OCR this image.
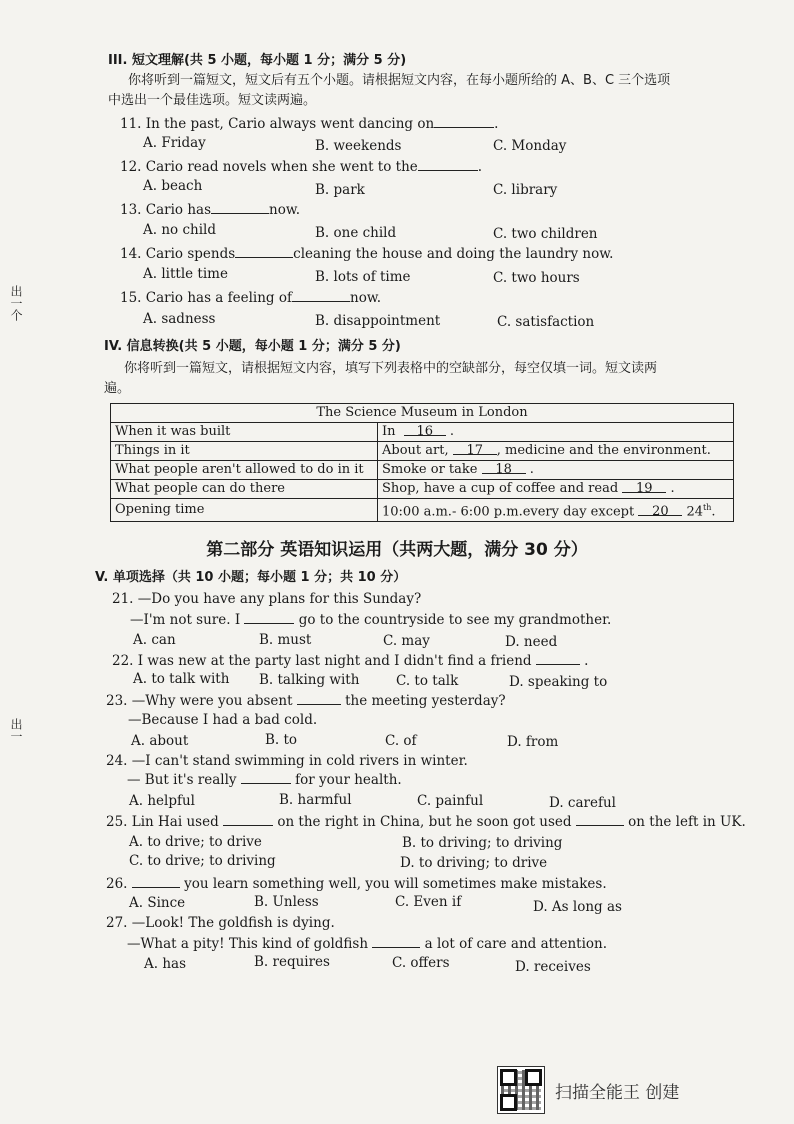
出一个
出一
III. 短文理解(共 5 小题，每小题 1 分；满分 5 分)
你将听到一篇短文，短文后有五个小题。请根据短文内容，在每小题所给的 A、B、C 三个选项
中选出一个最佳选项。短文读两遍。
11. In the past, Cario always went dancing on	.
A. Friday	B. weekends	C. Monday
12. Cario read novels when she went to the	.
A. beach	B. park	C. library
13. Cario has	now.
A. no child	B. one child	C. two children
14. Cario spends	cleaning the house and doing the laundry now.
A. little time	B. lots of time	C. two hours
15. Cario has a feeling of	now.
A. sadness	B. disappointment	C. satisfaction
IV. 信息转换(共 5 小题，每小题 1 分；满分 5 分)
你将听到一篇短文，请根据短文内容，填写下列表格中的空缺部分，每空仅填一词。短文读两
遍。
The Science Museum in London	
When it was built	In 16 .
Things in it	About art, 17 , medicine and the environment.
What people aren't allowed to do in it	Smoke or take 18 .
What people can do there	Shop, have a cup of coffee and read 19 .
Opening time	10:00 a.m.- 6:00 p.m.every day except 20 24th.
第二部分 英语知识运用（共两大题，满分 30 分）
V. 单项选择（共 10 小题；每小题 1 分；共 10 分）
21. —Do you have any plans for this Sunday?
—I'm not sure. I	go to the countryside to see my grandmother.
A. can	B. must	C. may	D. need
22. I was new at the party last night and I didn't find a friend	.
A. to talk with B. talking with	C. to talk	D. speaking to
23. —Why were you absent	the meeting yesterday?
—Because I had a bad cold.
A. about	B. to	C. of	D. from
24. —I can't stand swimming in cold rivers in winter.
— But it's really	for your health.
A. helpful	B. harmful	C. painful	D. careful
25. Lin Hai used	on the right in China, but he soon got used	on the left in UK.
A. to drive; to drive	B. to driving; to driving
C. to drive; to driving	D. to driving; to drive
26.	you learn something well, you will sometimes make mistakes.
A. Since	B. Unless	C. Even if	D. As long as
27. —Look! The goldfish is dying.
—What a pity! This kind of goldfish	a lot of care and attention.
A. has	B. requires	C. offers	D. receives
扫描全能王 创建
